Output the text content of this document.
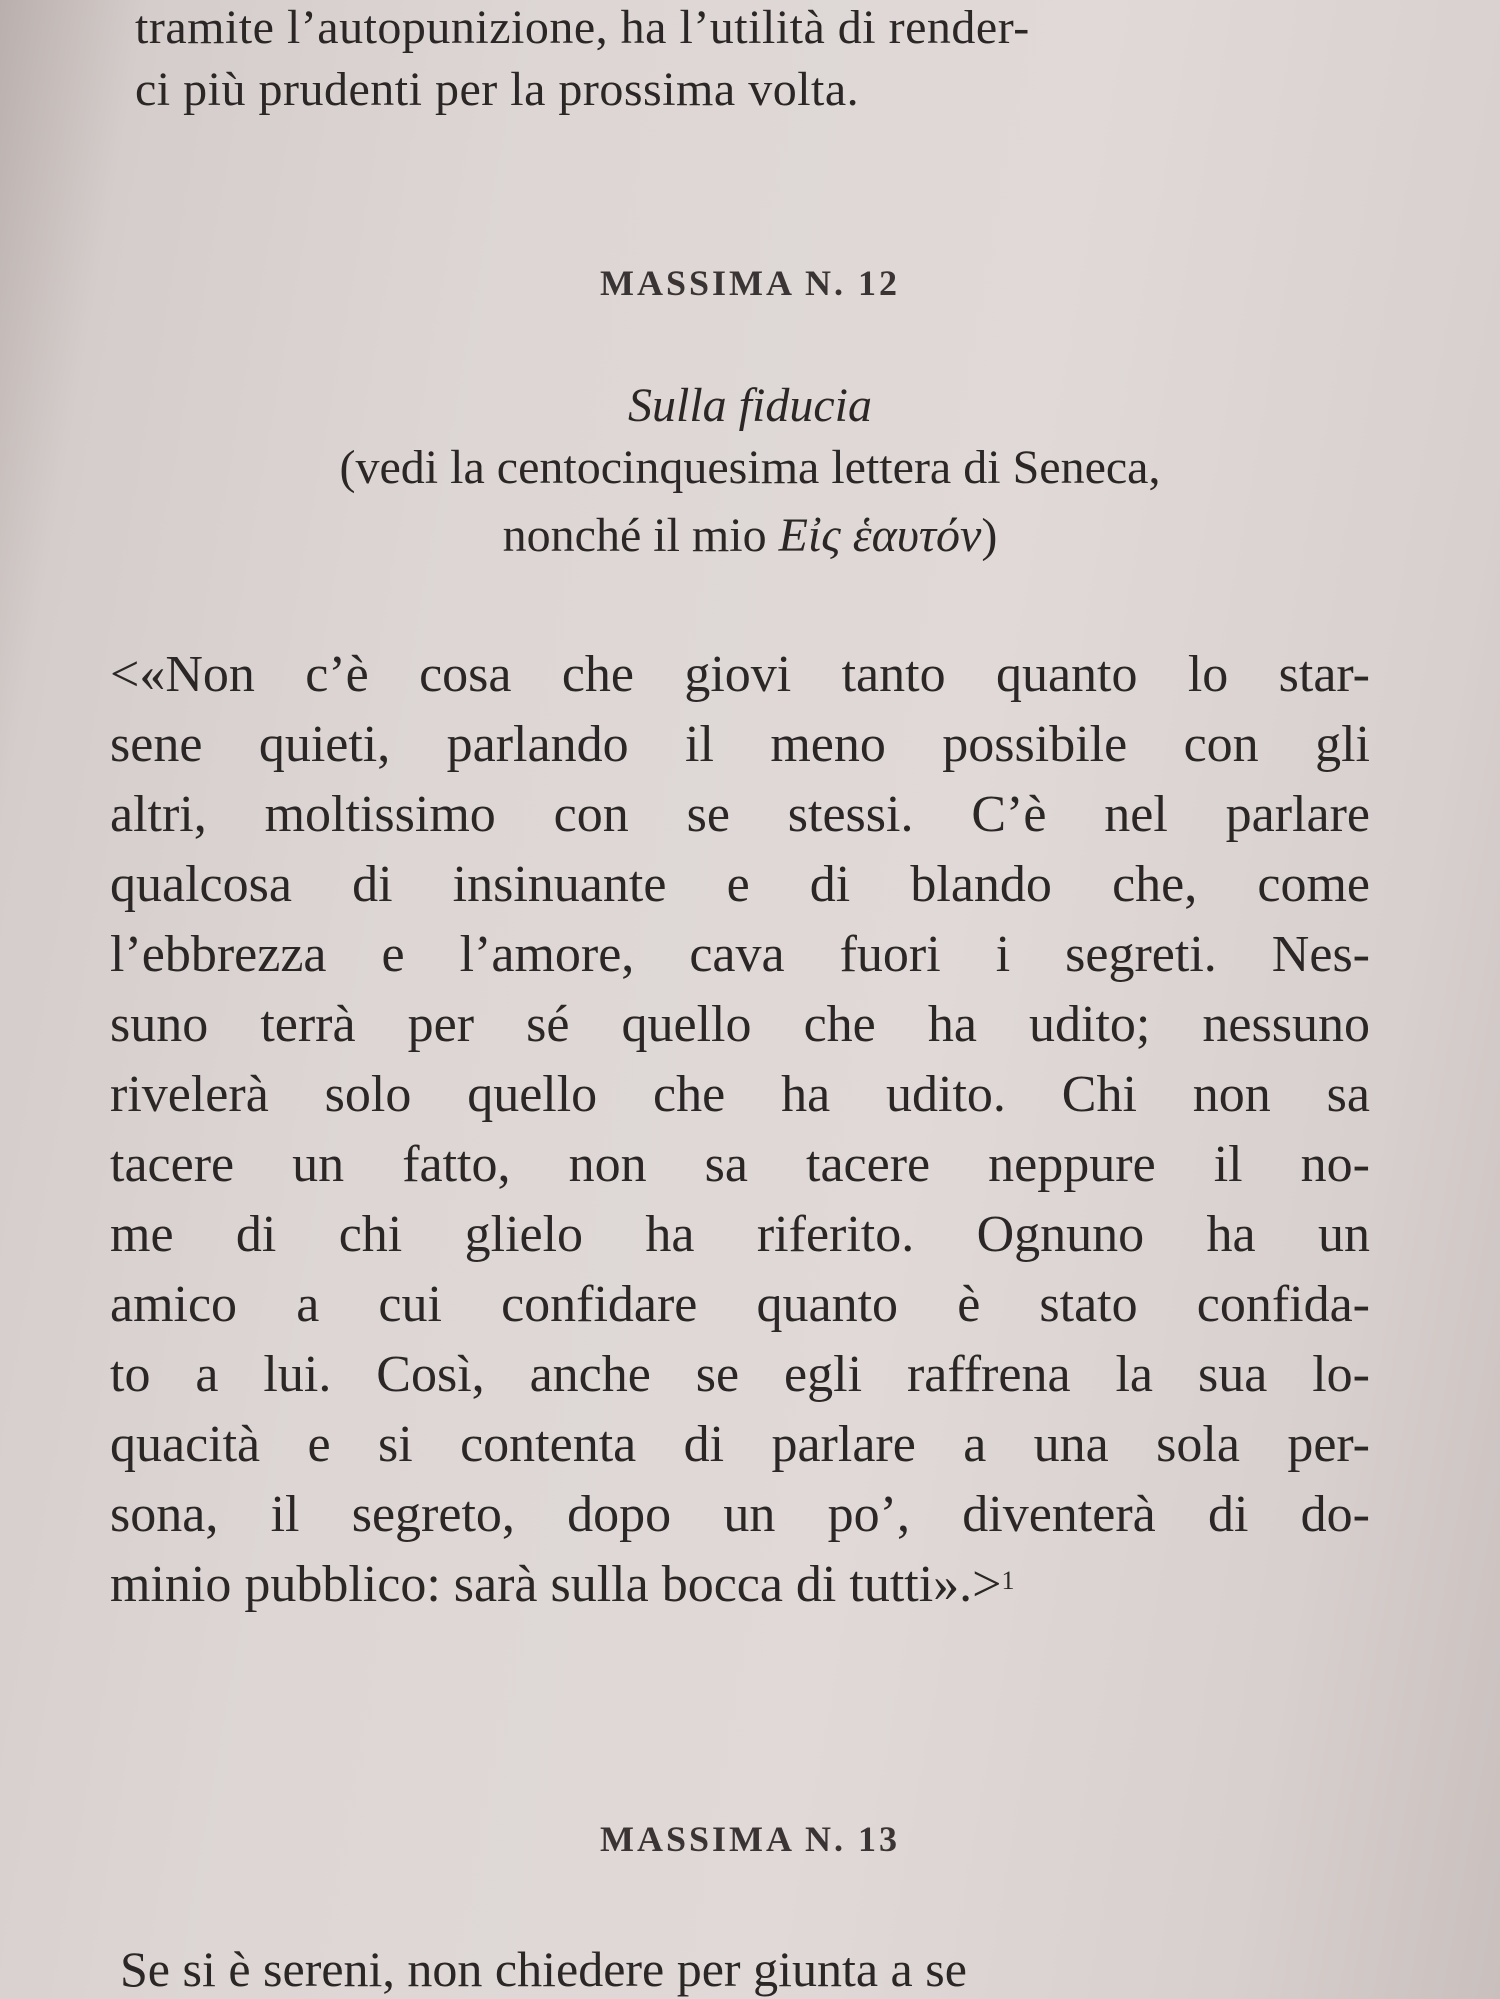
tramite l’autopunizione, ha l’utilità di render-

ci più prudenti per la prossima volta.

MASSIMA N. 12
Sulla fiducia
(vedi la centocinquesima lettera di Seneca,
nonché il mio Εἰς ἑαυτόν)
<«Non c’è cosa che giovi tanto quanto lo star-
sene quieti, parlando il meno possibile con gli
altri, moltissimo con se stessi. C’è nel parlare
qualcosa di insinuante e di blando che, come
l’ebbrezza e l’amore, cava fuori i segreti. Nes-
suno terrà per sé quello che ha udito; nessuno
rivelerà solo quello che ha udito. Chi non sa
tacere un fatto, non sa tacere neppure il no-
me di chi glielo ha riferito. Ognuno ha un
amico a cui confidare quanto è stato confida-
to a lui. Così, anche se egli raffrena la sua lo-
quacità e si contenta di parlare a una sola per-
sona, il segreto, dopo un po’, diventerà di do-
minio pubblico: sarà sulla bocca di tutti».>$^1$
MASSIMA N. 13

Se si è sereni, non chiedere per giunta a se
